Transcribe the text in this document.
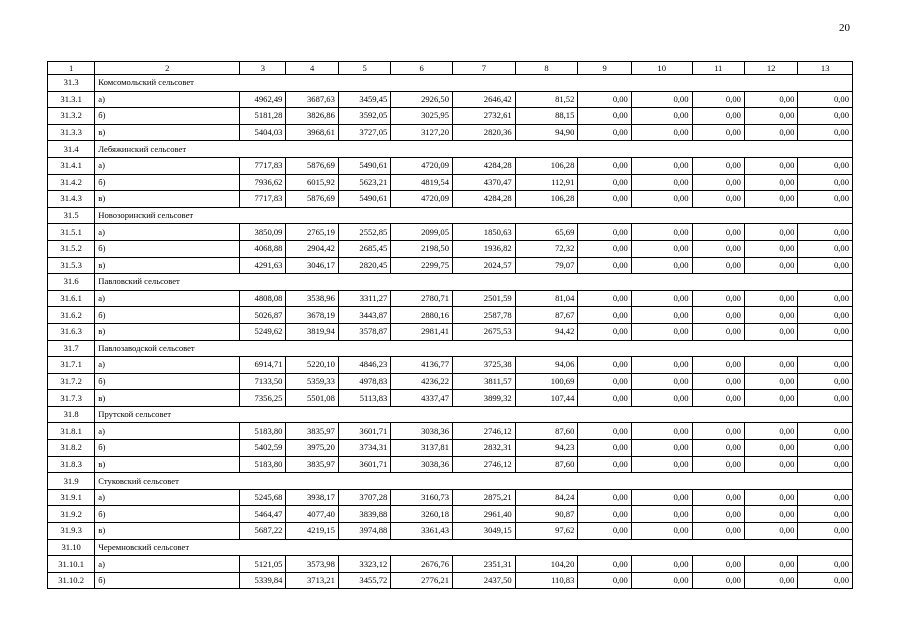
20
1	2	3	4	5	6	7	8	9	10	11	12	13
31.3	Комсомольский сельсовет											
31.3.1	а)	4962,49	3687,63	3459,45	2926,50	2646,42	81,52	0,00	0,00	0,00	0,00	0,00
31.3.2	б)	5181,28	3826,86	3592,05	3025,95	2732,61	88,15	0,00	0,00	0,00	0,00	0,00
31.3.3	в)	5404,03	3968,61	3727,05	3127,20	2820,36	94,90	0,00	0,00	0,00	0,00	0,00
31.4	Лебяжинский сельсовет											
31.4.1	а)	7717,83	5876,69	5490,61	4720,09	4284,28	106,28	0,00	0,00	0,00	0,00	0,00
31.4.2	б)	7936,62	6015,92	5623,21	4819,54	4370,47	112,91	0,00	0,00	0,00	0,00	0,00
31.4.3	в)	7717,83	5876,69	5490,61	4720,09	4284,28	106,28	0,00	0,00	0,00	0,00	0,00
31.5	Новозоринский сельсовет											
31.5.1	а)	3850,09	2765,19	2552,85	2099,05	1850,63	65,69	0,00	0,00	0,00	0,00	0,00
31.5.2	б)	4068,88	2904,42	2685,45	2198,50	1936,82	72,32	0,00	0,00	0,00	0,00	0,00
31.5.3	в)	4291,63	3046,17	2820,45	2299,75	2024,57	79,07	0,00	0,00	0,00	0,00	0,00
31.6	Павловский сельсовет											
31.6.1	а)	4808,08	3538,96	3311,27	2780,71	2501,59	81,04	0,00	0,00	0,00	0,00	0,00
31.6.2	б)	5026,87	3678,19	3443,87	2880,16	2587,78	87,67	0,00	0,00	0,00	0,00	0,00
31.6.3	в)	5249,62	3819,94	3578,87	2981,41	2675,53	94,42	0,00	0,00	0,00	0,00	0,00
31.7	Павлозаводской сельсовет											
31.7.1	а)	6914,71	5220,10	4846,23	4136,77	3725,38	94,06	0,00	0,00	0,00	0,00	0,00
31.7.2	б)	7133,50	5359,33	4978,83	4236,22	3811,57	100,69	0,00	0,00	0,00	0,00	0,00
31.7.3	в)	7356,25	5501,08	5113,83	4337,47	3899,32	107,44	0,00	0,00	0,00	0,00	0,00
31.8	Прутской сельсовет											
31.8.1	а)	5183,80	3835,97	3601,71	3038,36	2746,12	87,60	0,00	0,00	0,00	0,00	0,00
31.8.2	б)	5402,59	3975,20	3734,31	3137,81	2832,31	94,23	0,00	0,00	0,00	0,00	0,00
31.8.3	в)	5183,80	3835,97	3601,71	3038,36	2746,12	87,60	0,00	0,00	0,00	0,00	0,00
31.9	Стуковский сельсовет											
31.9.1	а)	5245,68	3938,17	3707,28	3160,73	2875,21	84,24	0,00	0,00	0,00	0,00	0,00
31.9.2	б)	5464,47	4077,40	3839,88	3260,18	2961,40	90,87	0,00	0,00	0,00	0,00	0,00
31.9.3	в)	5687,22	4219,15	3974,88	3361,43	3049,15	97,62	0,00	0,00	0,00	0,00	0,00
31.10	Черемновский сельсовет											
31.10.1	а)	5121,05	3573,98	3323,12	2676,76	2351,31	104,20	0,00	0,00	0,00	0,00	0,00
31.10.2	б)	5339,84	3713,21	3455,72	2776,21	2437,50	110,83	0,00	0,00	0,00	0,00	0,00
